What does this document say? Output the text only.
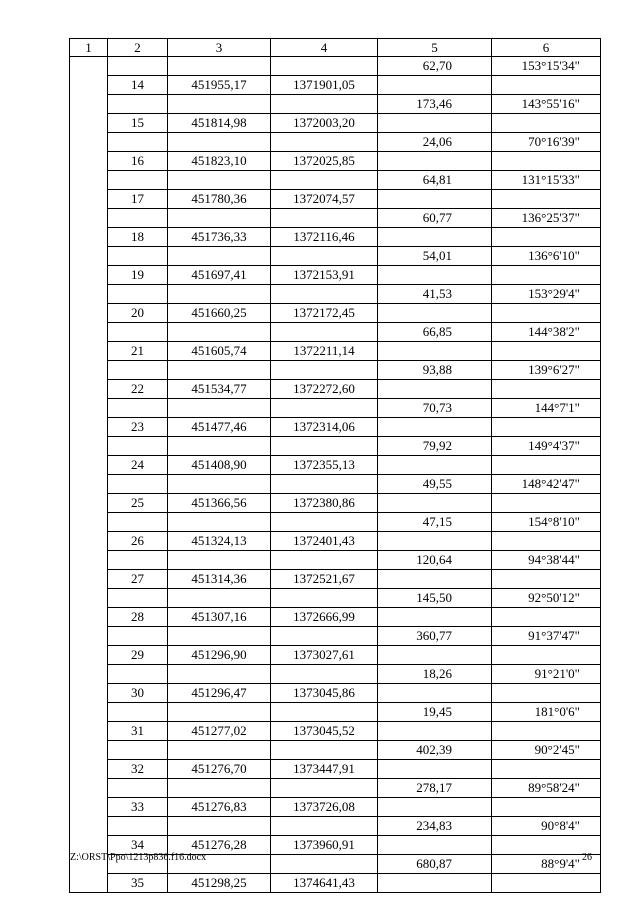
1	2	3	4	5	6
				62,70	153°15'34"
	14	451955,17	1371901,05		
				173,46	143°55'16"
	15	451814,98	1372003,20		
				24,06	70°16'39"
	16	451823,10	1372025,85		
				64,81	131°15'33"
	17	451780,36	1372074,57		
				60,77	136°25'37"
	18	451736,33	1372116,46		
				54,01	136°6'10"
	19	451697,41	1372153,91		
				41,53	153°29'4"
	20	451660,25	1372172,45		
				66,85	144°38'2"
	21	451605,74	1372211,14		
				93,88	139°6'27"
	22	451534,77	1372272,60		
				70,73	144°7'1"
	23	451477,46	1372314,06		
				79,92	149°4'37"
	24	451408,90	1372355,13		
				49,55	148°42'47"
	25	451366,56	1372380,86		
				47,15	154°8'10"
	26	451324,13	1372401,43		
				120,64	94°38'44"
	27	451314,36	1372521,67		
				145,50	92°50'12"
	28	451307,16	1372666,99		
				360,77	91°37'47"
	29	451296,90	1373027,61		
				18,26	91°21'0"
	30	451296,47	1373045,86		
				19,45	181°0'6"
	31	451277,02	1373045,52		
				402,39	90°2'45"
	32	451276,70	1373447,91		
				278,17	89°58'24"
	33	451276,83	1373726,08		
				234,83	90°8'4"
	34	451276,28	1373960,91		
				680,87	88°9'4"
	35	451298,25	1374641,43		
Z:\ORST\Ppo\1213p836.f16.docx	26
